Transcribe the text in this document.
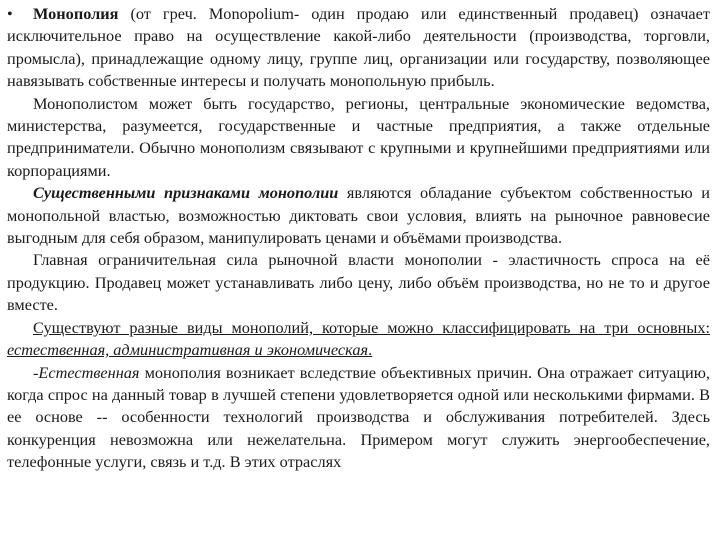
• Монополия (от греч. Monopolium- один продаю или единственный продавец) означает исключительное право на осуществление какой-либо деятельности (производства, торговли, промысла), принадлежащие одному лицу, группе лиц, организации или государству, позволяющее навязывать собственные интересы и получать монопольную прибыль.

Монополистом может быть государство, регионы, центральные экономические ведомства, министерства, разумеется, государственные и частные предприятия, а также отдельные предприниматели. Обычно монополизм связывают с крупными и крупнейшими предприятиями или корпорациями.

Существенными признаками монополии являются обладание субъектом собственностью и монопольной властью, возможностью диктовать свои условия, влиять на рыночное равновесие выгодным для себя образом, манипулировать ценами и объёмами производства.

Главная ограничительная сила рыночной власти монополии - эластичность спроса на её продукцию. Продавец может устанавливать либо цену, либо объём производства, но не то и другое вместе.

Существуют разные виды монополий, которые можно классифицировать на три основных: естественная, административная и экономическая.

-Естественная монополия возникает вследствие объективных причин. Она отражает ситуацию, когда спрос на данный товар в лучшей степени удовлетворяется одной или несколькими фирмами. В ее основе -- особенности технологий производства и обслуживания потребителей. Здесь конкуренция невозможна или нежелательна. Примером могут служить энергообеспечение, телефонные услуги, связь и т.д. В этих отраслях
